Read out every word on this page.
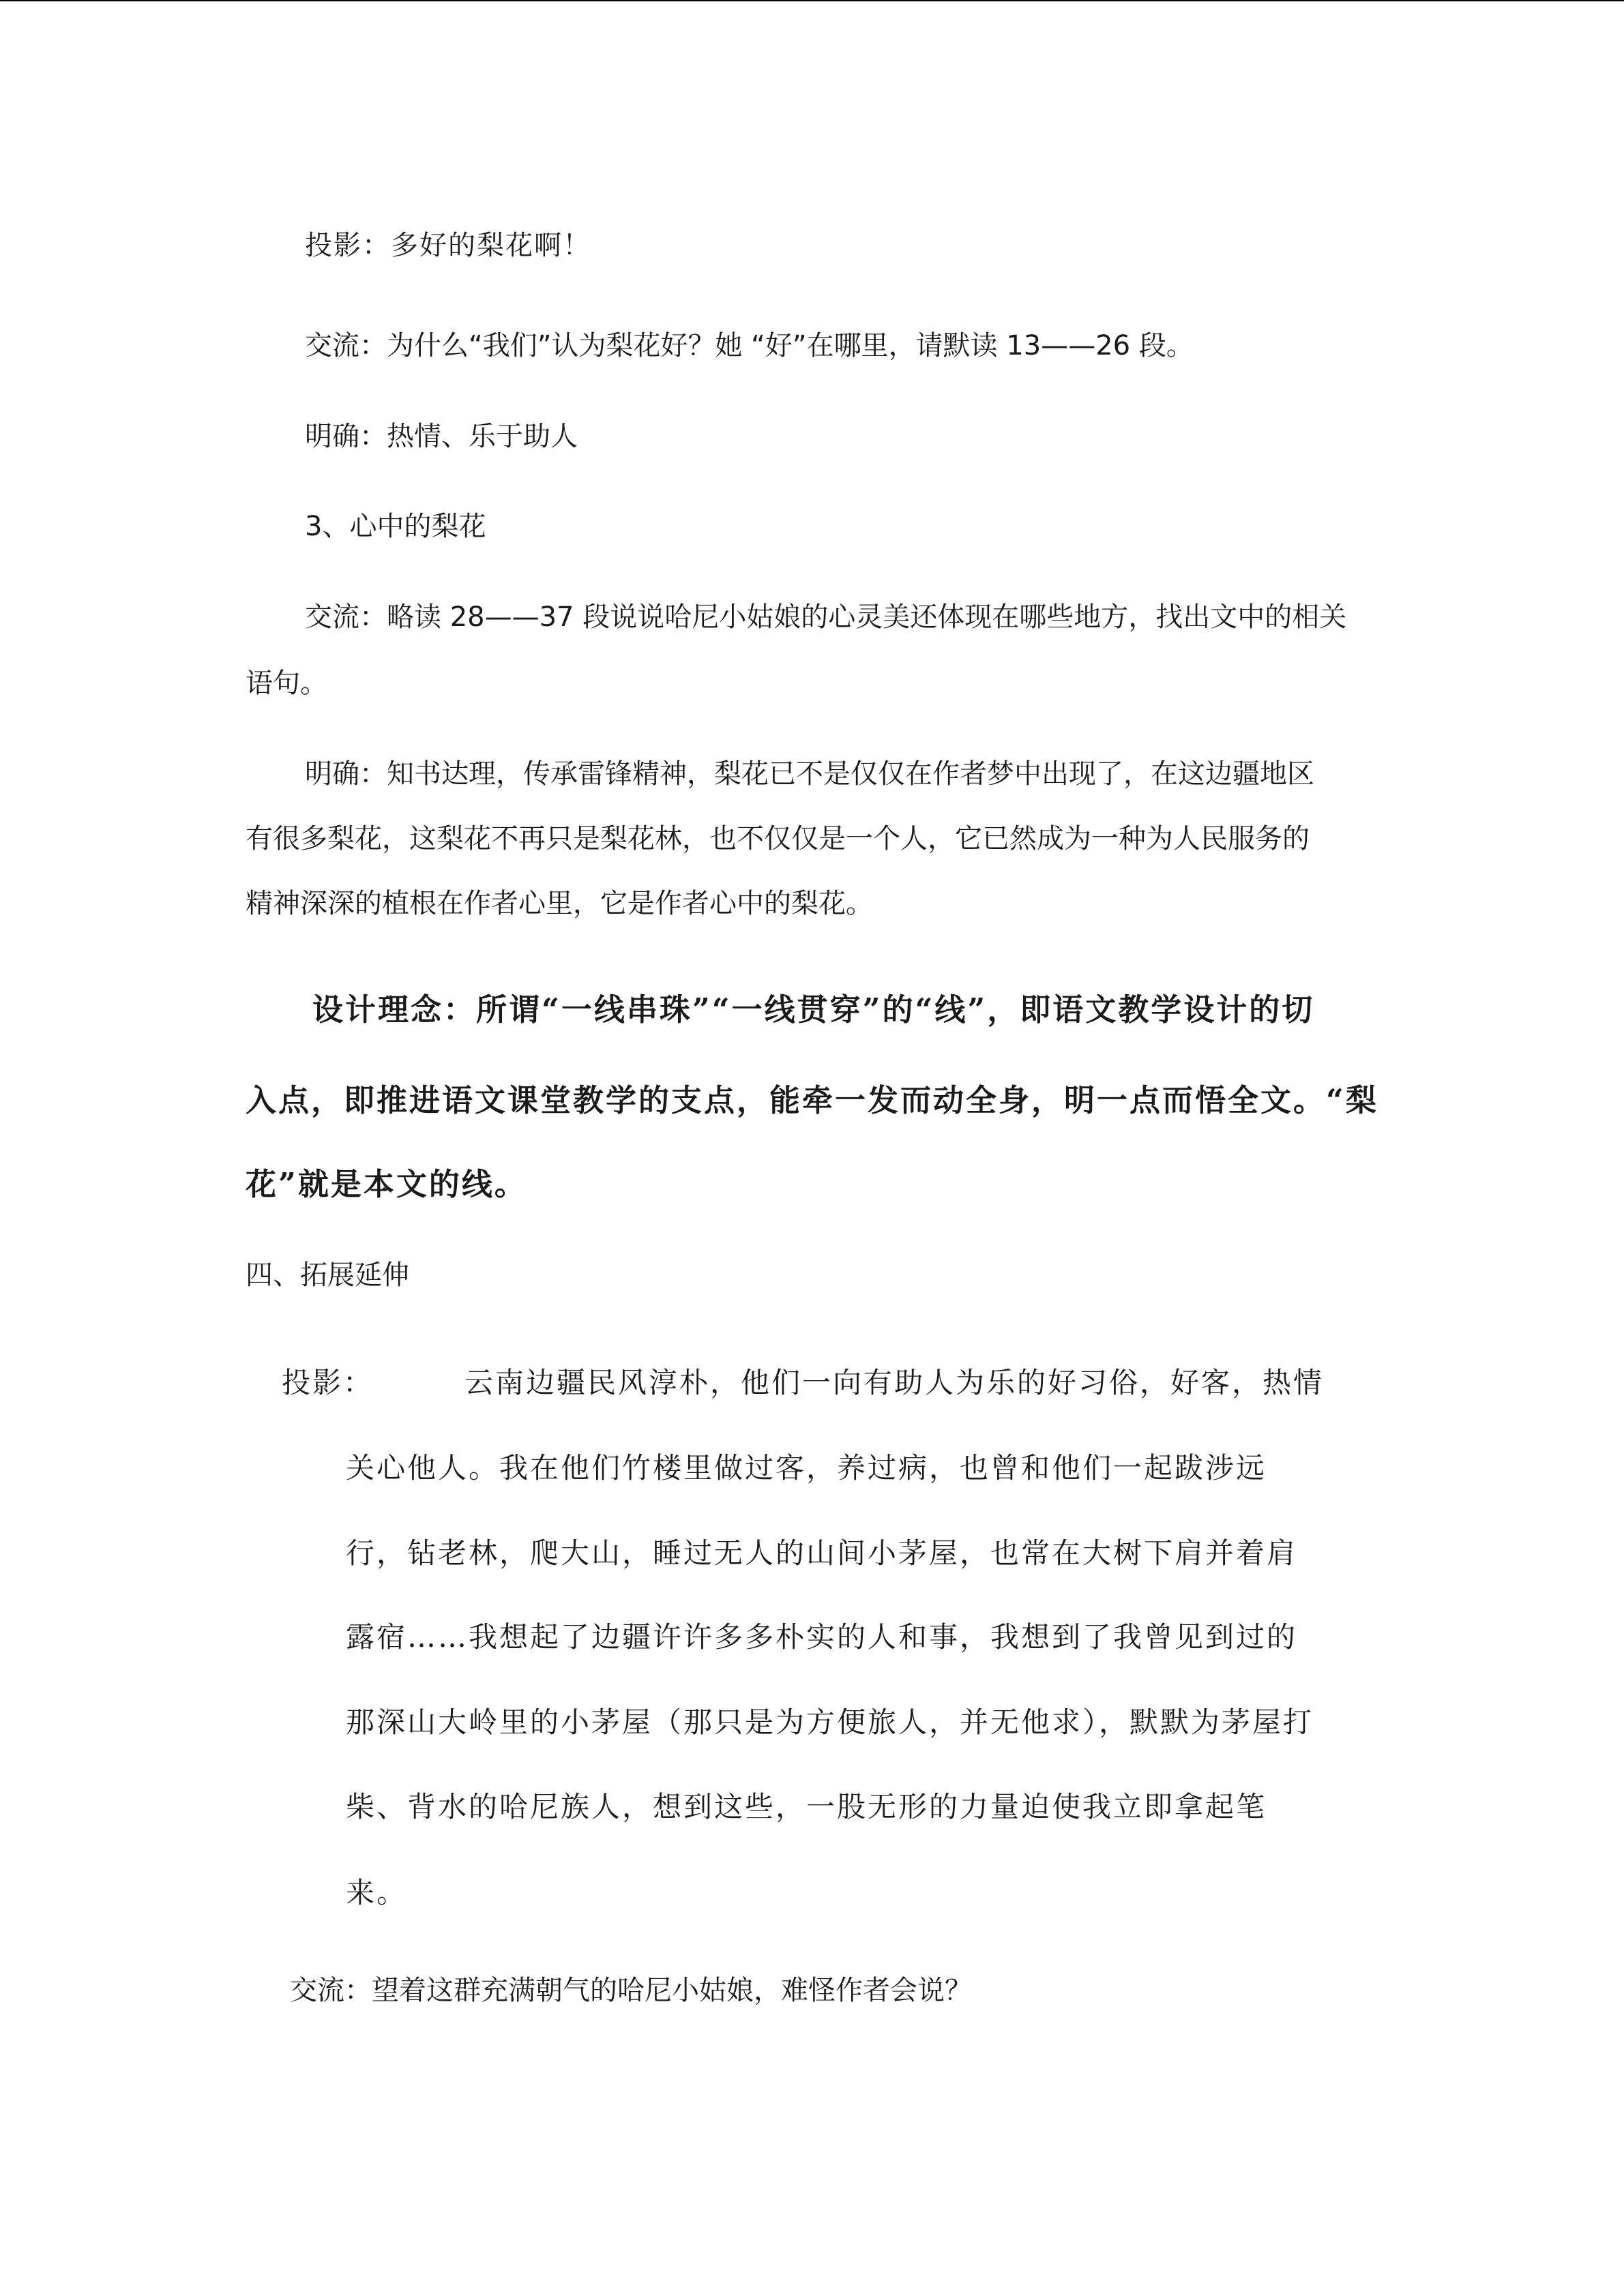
投影：多好的梨花啊！
交流：为什么“我们”认为梨花好？她 “好”在哪里，请默读 13——26 段。
明确：热情、乐于助人
3、心中的梨花
交流：略读 28——37 段说说哈尼小姑娘的心灵美还体现在哪些地方，找出文中的相关
语句。
明确：知书达理，传承雷锋精神，梨花已不是仅仅在作者梦中出现了，在这边疆地区
有很多梨花，这梨花不再只是梨花林，也不仅仅是一个人，它已然成为一种为人民服务的
精神深深的植根在作者心里，它是作者心中的梨花。
设计理念：所谓“一线串珠”“一线贯穿”的“线”，即语文教学设计的切
入点，即推进语文课堂教学的支点，能牵一发而动全身，明一点而悟全文。“梨
花”就是本文的线。
四、拓展延伸
投影：	云南边疆民风淳朴，他们一向有助人为乐的好习俗，好客，热情
关心他人。我在他们竹楼里做过客，养过病，也曾和他们一起跋涉远
行，钻老林，爬大山，睡过无人的山间小茅屋，也常在大树下肩并着肩
露宿……我想起了边疆许许多多朴实的人和事，我想到了我曾见到过的
那深山大岭里的小茅屋（那只是为方便旅人，并无他求），默默为茅屋打
柴、背水的哈尼族人，想到这些，一股无形的力量迫使我立即拿起笔
来。
交流：望着这群充满朝气的哈尼小姑娘，难怪作者会说？
